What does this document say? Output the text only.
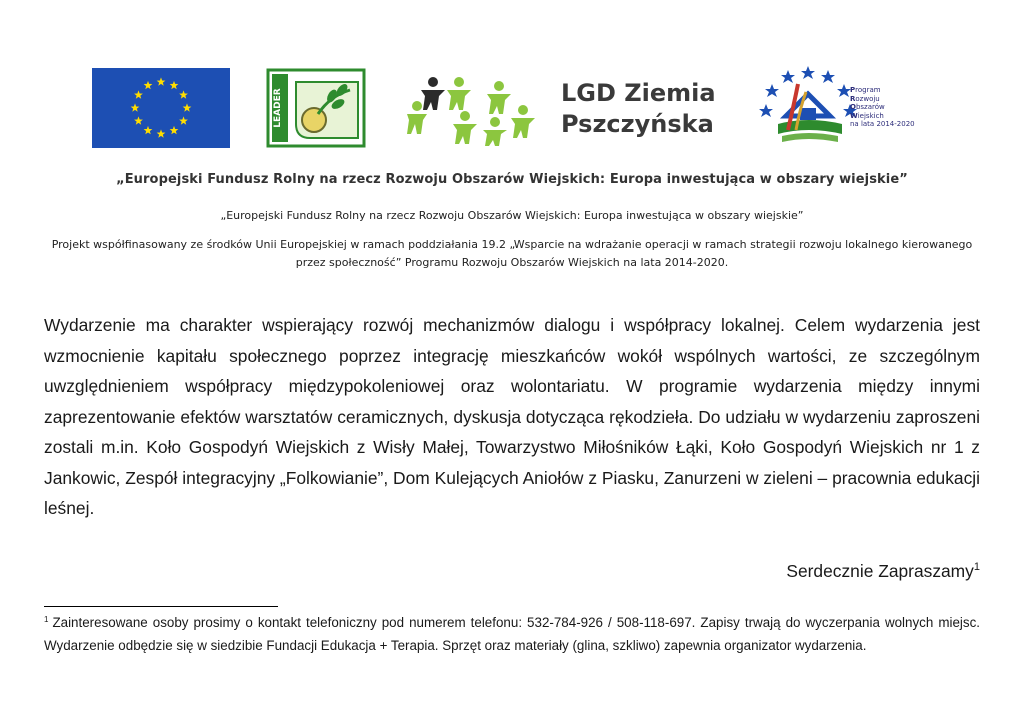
LEADER	LGD Ziemia
Pszczyńska
Program
Rozwoju
Obszarów
Wiejskich
na lata 2014-2020
„Europejski Fundusz Rolny na rzecz Rozwoju Obszarów Wiejskich: Europa inwestująca w obszary wiejskie”
„Europejski Fundusz Rolny na rzecz Rozwoju Obszarów Wiejskich: Europa inwestująca w obszary wiejskie”
Projekt współfinasowany ze środków Unii Europejskiej w ramach poddziałania 19.2 „Wsparcie na wdrażanie operacji w ramach strategii rozwoju lokalnego kierowanego przez społeczność” Programu Rozwoju Obszarów Wiejskich na lata 2014-2020.
Wydarzenie ma charakter wspierający rozwój mechanizmów dialogu i współpracy lokalnej. Celem wydarzenia jest wzmocnienie kapitału społecznego poprzez integrację mieszkańców wokół wspólnych wartości, ze szczególnym uwzględnieniem współpracy międzypokoleniowej oraz wolontariatu. W programie wydarzenia między innymi zaprezentowanie efektów warsztatów ceramicznych, dyskusja dotycząca rękodzieła. Do udziału w wydarzeniu zaproszeni zostali m.in. Koło Gospodyń Wiejskich z Wisły Małej, Towarzystwo Miłośników Łąki, Koło Gospodyń Wiejskich nr 1 z Jankowic, Zespół integracyjny „Folkowianie”, Dom Kulejących Aniołów z Piasku, Zanurzeni w zieleni – pracownia edukacji leśnej.
Serdecznie Zapraszamy$^1$
$^1$ Zainteresowane osoby prosimy o kontakt telefoniczny pod numerem telefonu: 532-784-926 / 508-118-697. Zapisy trwają do wyczerpania wolnych miejsc. Wydarzenie odbędzie się w siedzibie Fundacji Edukacja + Terapia. Sprzęt oraz materiały (glina, szkliwo) zapewnia organizator wydarzenia.
